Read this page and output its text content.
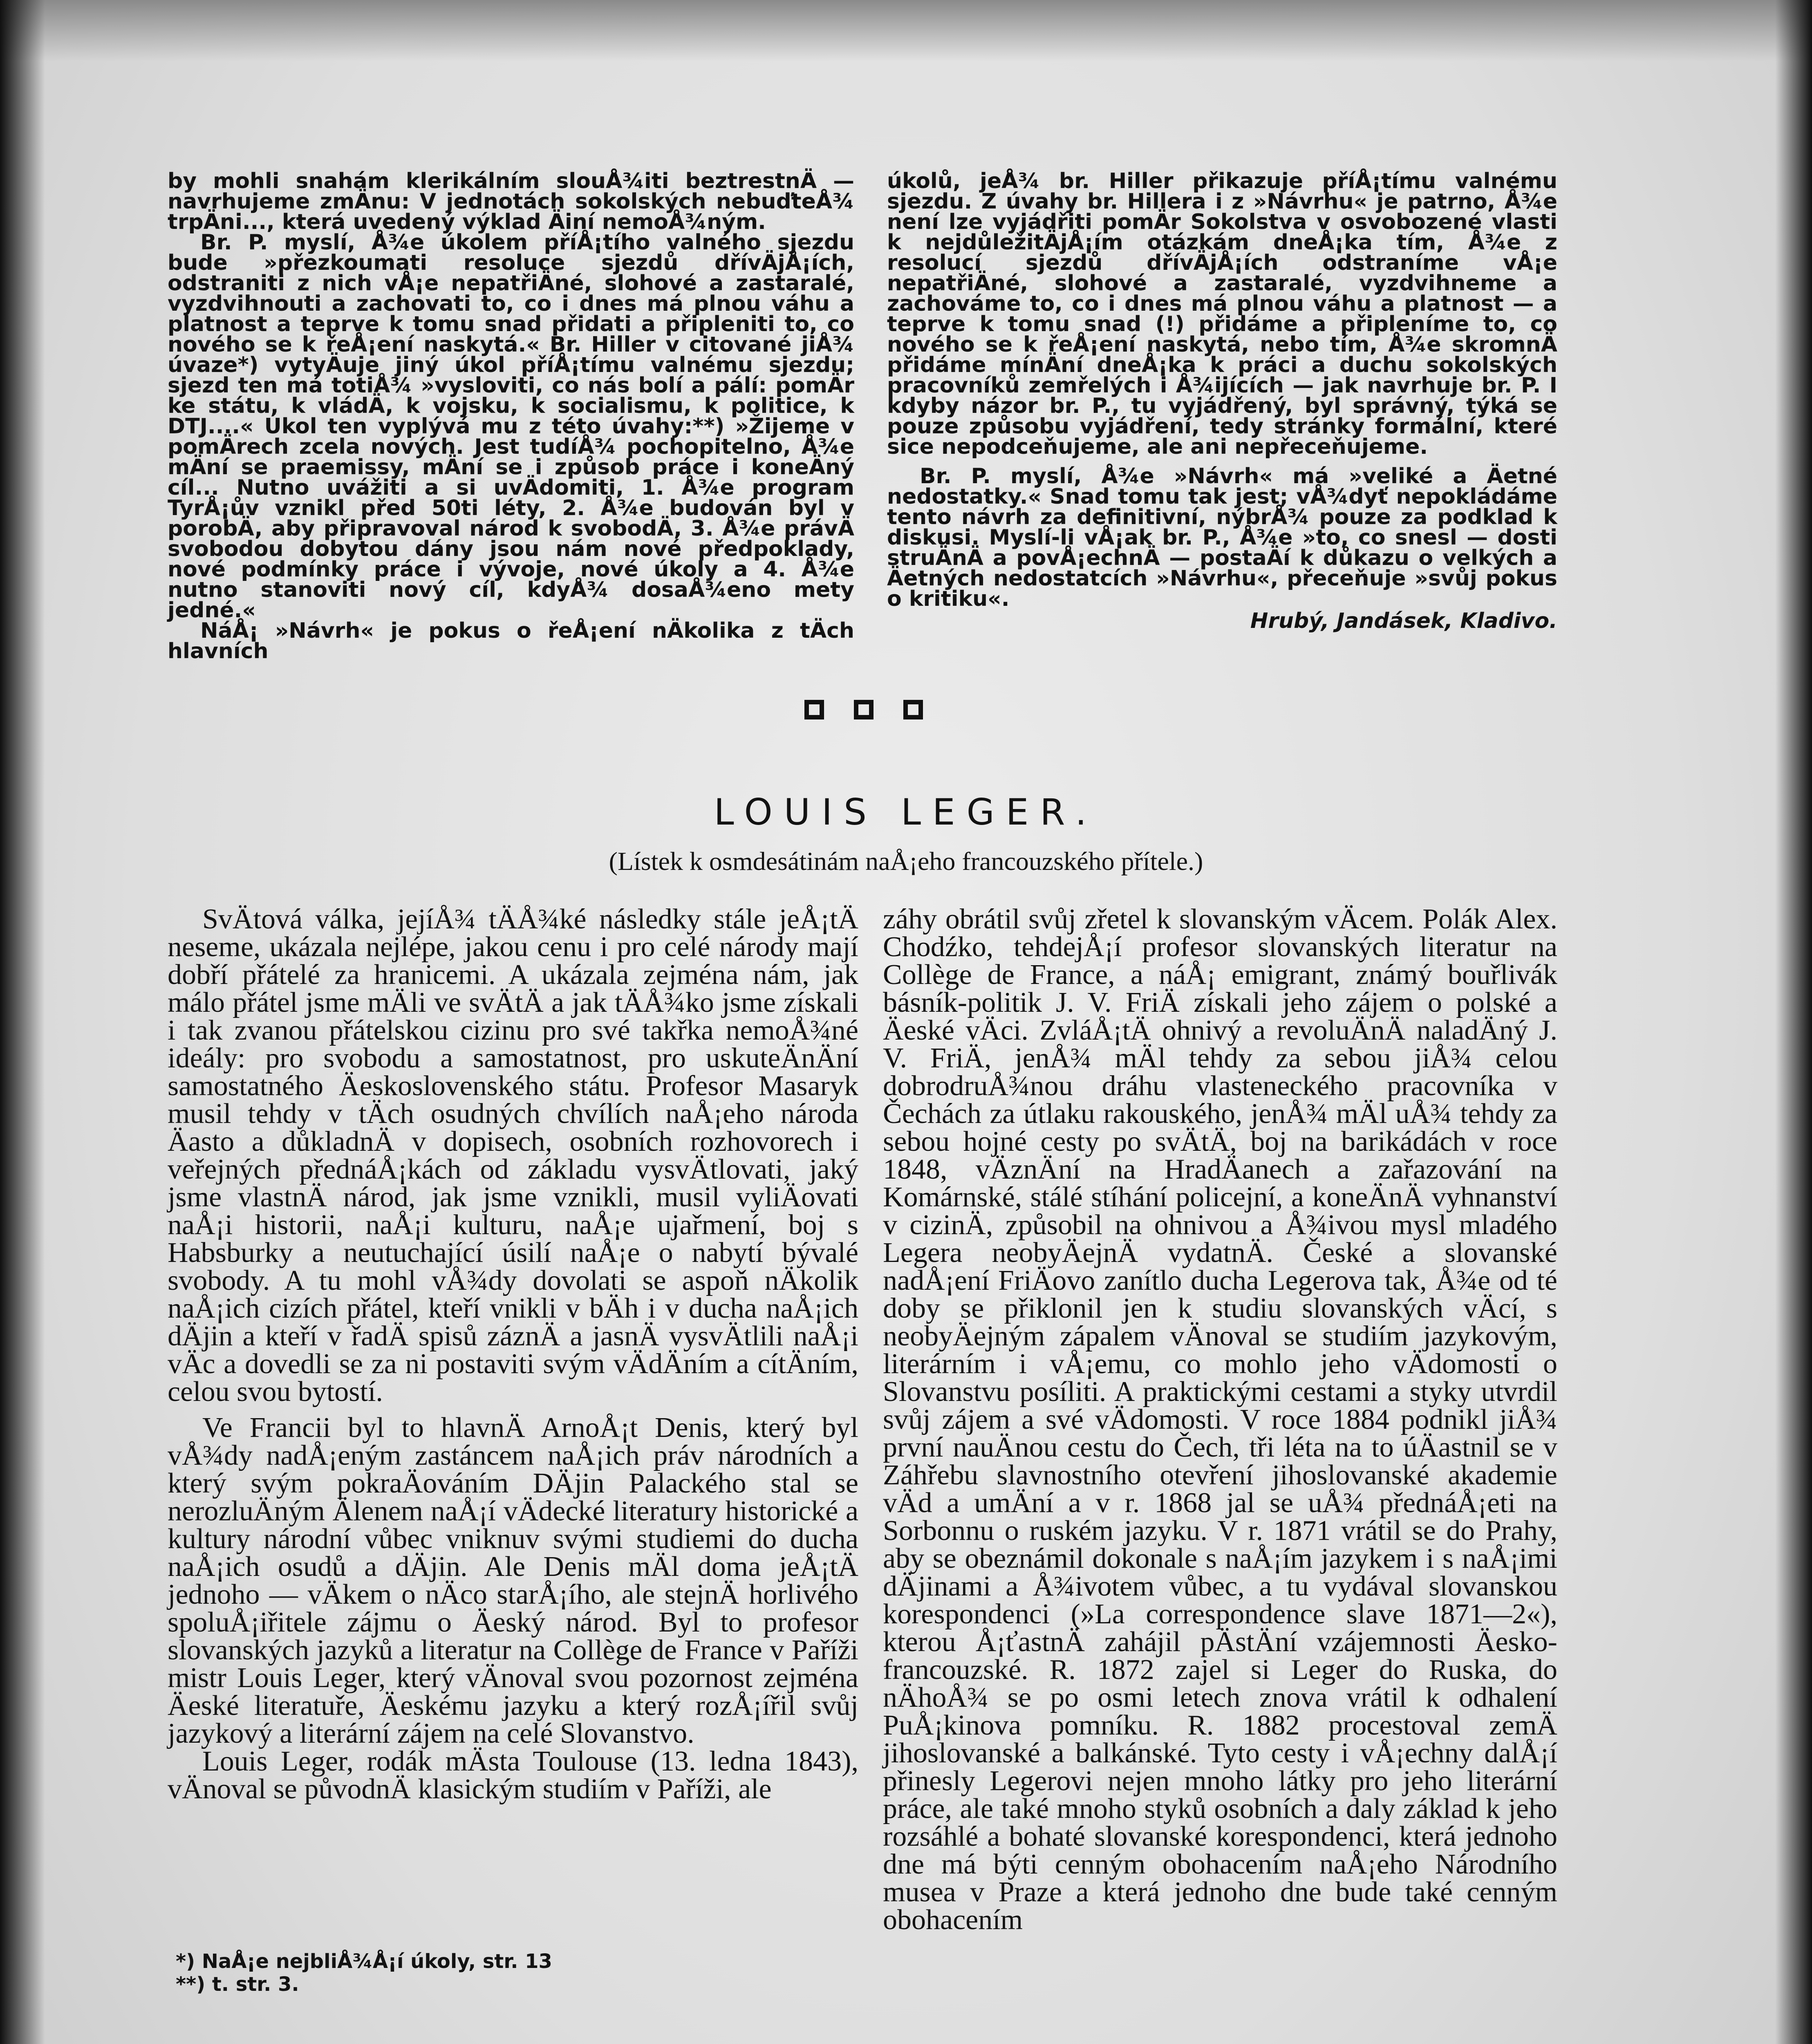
by mohli snahám klerikálním slouÅ¾iti beztrestnÄ — navrhujeme zmÄnu: V jednotách sokolských nebuďteÅ¾ trpÄni..., která uvedený výklad Äiní nemoÅ¾ným.

Br. P. myslí, Å¾e úkolem příÅ¡tího valného sjezdu bude »přezkoumati resoluce sjezdů dřívÄjÅ¡ích, odstraniti z nich vÅ¡e nepatřiÄné, slohové a zastaralé, vyzdvihnouti a zachovati to, co i dnes má plnou váhu a platnost a teprve k tomu snad přidati a připleniti to, co nového se k řeÅ¡ení naskytá.« Br. Hiller v citované jiÅ¾ úvaze*) vytyÄuje jiný úkol příÅ¡tímu valnému sjezdu; sjezd ten má totiÅ¾ »vysloviti, co nás bolí a pálí: pomÄr ke státu, k vládÄ, k vojsku, k socialismu, k politice, k DTJ....« Úkol ten vyplývá mu z této úvahy:**) »Žijeme v pomÄrech zcela nových. Jest tudíÅ¾ pochopitelno, Å¾e mÄní se praemissy, mÄní se i způsob práce i koneÄný cíl... Nutno uvážiti a si uvÄdomiti, 1. Å¾e program TyrÅ¡ův vznikl před 50ti léty, 2. Å¾e budován byl v porobÄ, aby připravoval národ k svobodÄ, 3. Å¾e právÄ svobodou dobytou dány jsou nám nové předpoklady, nové podmínky práce i vývoje, nové úkoly a 4. Å¾e nutno stanoviti nový cíl, kdyÅ¾ dosaÅ¾eno mety jedné.«

NáÅ¡ »Návrh« je pokus o řeÅ¡ení nÄkolika z tÄch hlavních

úkolů, jeÅ¾ br. Hiller přikazuje příÅ¡tímu valnému sjezdu. Z úvahy br. Hillera i z »Návrhu« je patrno, Å¾e není lze vyjádřiti pomÄr Sokolstva v osvobozené vlasti k nejdůležitÄjÅ¡ím otázkám dneÅ¡ka tím, Å¾e z resolucí sjezdů dřívÄjÅ¡ích odstraníme vÅ¡e nepatřiÄné, slohové a zastaralé, vyzdvihneme a zachováme to, co i dnes má plnou váhu a platnost — a teprve k tomu snad (!) přidáme a připleníme to, co nového se k řeÅ¡ení naskytá, nebo tím, Å¾e skromnÄ přidáme mínÄní dneÅ¡ka k práci a duchu sokolských pracovníků zemřelých i Å¾ijících — jak navrhuje br. P. I kdyby názor br. P., tu vyjádřený, byl správný, týká se pouze způsobu vyjádření, tedy stránky formální, které sice nepodceňujeme, ale ani nepřeceňujeme.

Br. P. myslí, Å¾e »Návrh« má »veliké a Äetné nedostatky.« Snad tomu tak jest; vÅ¾dyť nepokládáme tento návrh za definitivní, nýbrÅ¾ pouze za podklad k diskusi. Myslí-li vÅ¡ak br. P., Å¾e »to, co snesl — dosti struÄnÄ a povÅ¡echnÄ — postaÄí k důkazu o velkých a Äetných nedostatcích »Návrhu«, přeceňuje »svůj pokus o kritiku«.

Hrubý, Jandásek, Kladivo.

LOUIS LEGER.
(Lístek k osmdesátinám naÅ¡eho francouzského přítele.)

SvÄtová válka, jejíÅ¾ tÄÅ¾ké následky stále jeÅ¡tÄ neseme, ukázala nejlépe, jakou cenu i pro celé národy mají dobří přátelé za hranicemi. A ukázala zejména nám, jak málo přátel jsme mÄli ve svÄtÄ a jak tÄÅ¾ko jsme získali i tak zvanou přátelskou cizinu pro své takřka nemoÅ¾né ideály: pro svobodu a samostatnost, pro uskuteÄnÄní samostatného Äeskoslovenského státu. Profesor Masaryk musil tehdy v tÄch osudných chvílích naÅ¡eho národa Äasto a důkladnÄ v dopisech, osobních rozhovorech i veřejných přednáÅ¡kách od základu vysvÄtlovati, jaký jsme vlastnÄ národ, jak jsme vznikli, musil vyliÄovati naÅ¡i historii, naÅ¡i kulturu, naÅ¡e ujařmení, boj s Habsburky a neutuchající úsilí naÅ¡e o nabytí bývalé svobody. A tu mohl vÅ¾dy dovolati se aspoň nÄkolik naÅ¡ich cizích přátel, kteří vnikli v bÄh i v ducha naÅ¡ich dÄjin a kteří v řadÄ spisů záznÄ a jasnÄ vysvÄtlili naÅ¡i vÄc a dovedli se za ni postaviti svým vÄdÄním a cítÄním, celou svou bytostí.

Ve Francii byl to hlavnÄ ArnoÅ¡t Denis, který byl vÅ¾dy nadÅ¡eným zastáncem naÅ¡ich práv národních a který svým pokraÄováním DÄjin Palackého stal se nerozluÄným Älenem naÅ¡í vÄdecké literatury historické a kultury národní vůbec vniknuv svými studiemi do ducha naÅ¡ich osudů a dÄjin. Ale Denis mÄl doma jeÅ¡tÄ jednoho — vÄkem o nÄco starÅ¡ího, ale stejnÄ horlivého spoluÅ¡iřitele zájmu o Äeský národ. Byl to profesor slovanských jazyků a literatur na Collège de France v Paříži mistr Louis Leger, který vÄnoval svou pozornost zejména Äeské literatuře, Äeskému jazyku a který rozÅ¡ířil svůj jazykový a literární zájem na celé Slovanstvo.

Louis Leger, rodák mÄsta Toulouse (13. ledna 1843), vÄnoval se původnÄ klasickým studiím v Paříži, ale

záhy obrátil svůj zřetel k slovanským vÄcem. Polák Alex. Chodźko, tehdejÅ¡í profesor slovanských literatur na Collège de France, a náÅ¡ emigrant, známý bouřlivák básník-politik J. V. FriÄ získali jeho zájem o polské a Äeské vÄci. ZvláÅ¡tÄ ohnivý a revoluÄnÄ naladÄný J. V. FriÄ, jenÅ¾ mÄl tehdy za sebou jiÅ¾ celou dobrodruÅ¾nou dráhu vlasteneckého pracovníka v Čechách za útlaku rakouského, jenÅ¾ mÄl uÅ¾ tehdy za sebou hojné cesty po svÄtÄ, boj na barikádách v roce 1848, vÄznÄní na HradÄanech a zařazování na Komárnské, stálé stíhání policejní, a koneÄnÄ vyhnanství v cizinÄ, způsobil na ohnivou a Å¾ivou mysl mladého Legera neobyÄejnÄ vydatnÄ. České a slovanské nadÅ¡ení FriÄovo zanítlo ducha Legerova tak, Å¾e od té doby se přiklonil jen k studiu slovanských vÄcí, s neobyÄejným zápalem vÄnoval se studiím jazykovým, literárním i vÅ¡emu, co mohlo jeho vÄdomosti o Slovanstvu posíliti. A praktickými cestami a styky utvrdil svůj zájem a své vÄdomosti. V roce 1884 podnikl jiÅ¾ první nauÄnou cestu do Čech, tři léta na to úÄastnil se v Záhřebu slavnostního otevření jihoslovanské akademie vÄd a umÄní a v r. 1868 jal se uÅ¾ přednáÅ¡eti na Sorbonnu o ruském jazyku. V r. 1871 vrátil se do Prahy, aby se obeznámil dokonale s naÅ¡ím jazykem i s naÅ¡imi dÄjinami a Å¾ivotem vůbec, a tu vydával slovanskou korespondenci (»La correspondence slave 1871—2«), kterou Å¡ťastnÄ zahájil pÄstÄní vzájemnosti Äesko-francouzské. R. 1872 zajel si Leger do Ruska, do nÄhoÅ¾ se po osmi letech znova vrátil k odhalení PuÅ¡kinova pomníku. R. 1882 procestoval zemÄ jihoslovanské a balkánské. Tyto cesty i vÅ¡echny dalÅ¡í přinesly Legerovi nejen mnoho látky pro jeho literární práce, ale také mnoho styků osobních a daly základ k jeho rozsáhlé a bohaté slovanské korespondenci, která jednoho dne má býti cenným obohacením naÅ¡eho Národního musea v Praze a která jednoho dne bude také cenným obohacením

*) NaÅ¡e nejbliÅ¾Å¡í úkoly, str. 13

**) t. str. 3.
